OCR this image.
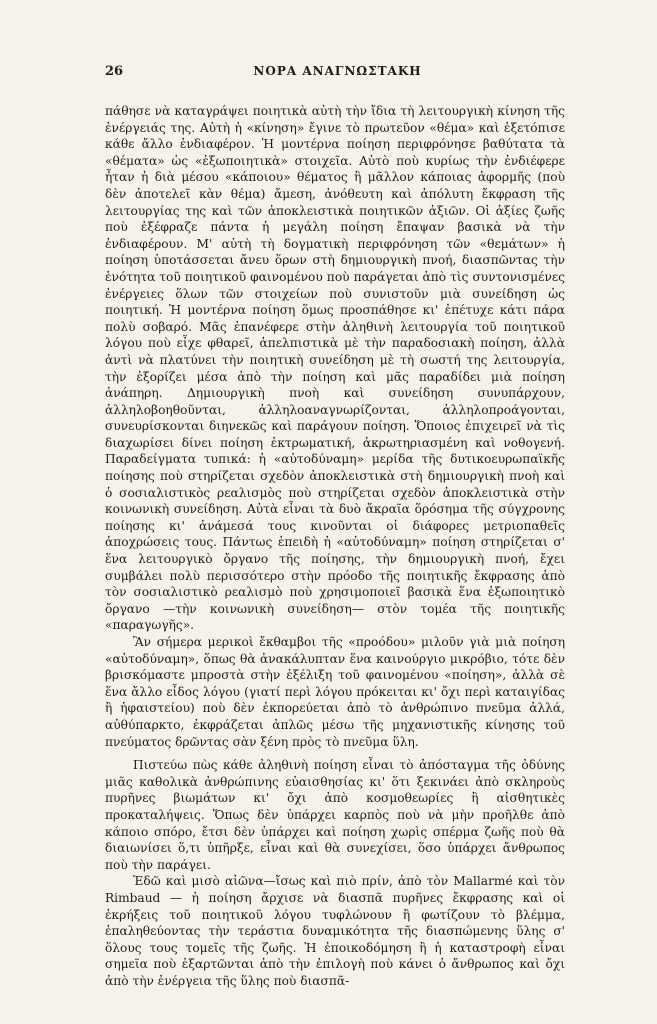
26	ΝΟΡΑ ΑΝΑΓΝΩΣΤΑΚΗ

πάθησε νὰ καταγράψει ποιητικὰ αὐτὴ τὴν ἴδια τὴ λειτουργικὴ κίνηση τῆς ἐνέργειάς της. Αὐτὴ ἡ «κίνηση» ἔγινε τὸ πρωτεῦον «θέμα» καὶ ἐξετόπισε κάθε ἄλλο ἐνδιαφέρον. Ἡ μοντέρνα ποίηση περιφρόνησε βαθύτατα τὰ «θέματα» ὡς «ἐξωποιητικὰ» στοιχεῖα. Αὐτὸ ποὺ κυρίως τὴν ἐνδιέφερε ἦταν ἡ διὰ μέσου «κάποιου» θέματος ἢ μᾶλλον κάποιας ἀφορμῆς (ποὺ δὲν ἀποτελεῖ κὰν θέμα) ἄμεση, ἀνόθευτη καὶ ἀπόλυτη ἔκφραση τῆς λειτουργίας της καὶ τῶν ἀποκλειστικὰ ποιητικῶν ἀξιῶν. Οἱ ἀξίες ζωῆς ποὺ ἐξέφραζε πάντα ἡ μεγάλη ποίηση ἔπαψαν βασικὰ νὰ τὴν ἐνδιαφέρουν. Μ' αὐτὴ τὴ δογματικὴ περιφρόνηση τῶν «θεμάτων» ἡ ποίηση ὑποτάσσεται ἄνευ ὅρων στὴ δημιουργικὴ πνοή, διασπῶντας τὴν ἑνότητα τοῦ ποιητικοῦ φαινομένου ποὺ παράγεται ἀπὸ τὶς συντονισμένες ἐνέργειες ὅλων τῶν στοιχείων ποὺ συνιστοῦν μιὰ συνείδηση ὡς ποιητική. Ἡ μοντέρνα ποίηση ὅμως προσπάθησε κι' ἐπέτυχε κάτι πάρα πολὺ σοβαρό. Μᾶς ἐπανέφερε στὴν ἀληθινὴ λειτουργία τοῦ ποιητικοῦ λόγου ποὺ εἶχε φθαρεῖ, ἀπελπιστικὰ μὲ τὴν παραδοσιακὴ ποίηση, ἀλλὰ ἀντὶ νὰ πλατύνει τὴν ποιητικὴ συνείδηση μὲ τὴ σωστή της λειτουργία, τὴν ἐξορίζει μέσα ἀπὸ τὴν ποίηση καὶ μᾶς παραδίδει μιὰ ποίηση ἀνάπηρη. Δημιουργικὴ πνοὴ καὶ συνείδηση συνυπάρχουν, ἀλληλοβοηθοῦνται, ἀλληλοαναγνωρίζονται, ἀλληλοπροάγονται, συνευρίσκονται διηνεκῶς καὶ παράγουν ποίηση. Ὅποιος ἐπιχειρεῖ νὰ τὶς διαχωρίσει δίνει ποίηση ἐκτρωματική, ἀκρωτηριασμένη καὶ νοθογενή. Παραδείγματα τυπικά: ἡ «αὐτοδύναμη» μερίδα τῆς δυτικοευρωπαϊκῆς ποίησης ποὺ στηρίζεται σχεδὸν ἀποκλειστικὰ στὴ δημιουργικὴ πνοὴ καὶ ὁ σοσιαλιστικὸς ρεαλισμὸς ποὺ στηρίζεται σχεδὸν ἀποκλειστικὰ στὴν κοινωνικὴ συνείδηση. Αὐτὰ εἶναι τὰ δυὸ ἄκραῖα ὅρόσημα τῆς σύγχρονης ποίησης κι' ἀνάμεσά τους κινοῦνται οἱ διάφορες μετριοπαθεῖς ἀποχρώσεις τους. Πάντως ἐπειδὴ ἡ «αὐτοδύναμη» ποίηση στηρίζεται σ' ἕνα λειτουργικὸ ὄργανο τῆς ποίησης, τὴν δημιουργικὴ πνοή, ἔχει συμβάλει πολὺ περισσότερο στὴν πρόοδο τῆς ποιητικῆς ἔκφρασης ἀπὸ τὸν σοσιαλιστικὸ ρεαλισμὸ ποὺ χρησιμοποιεῖ βασικὰ ἕνα ἐξωποιητικὸ ὄργανο —τὴν κοινωνικὴ συνείδηση— στὸν τομέα τῆς ποιητικῆς «παραγωγῆς».

Ἂν σήμερα μερικοὶ ἔκθαμβοι τῆς «προόδου» μιλοῦν γιὰ μιὰ ποίηση «αὐτοδύναμη», ὅπως θὰ ἀνακάλυπταν ἕνα καινούργιο μικρόβιο, τότε δὲν βρισκόμαστε μπροστὰ στὴν ἐξέλιξη τοῦ φαινομένου «ποίηση», ἀλλὰ σὲ ἕνα ἄλλο εἶδος λόγου (γιατί περὶ λόγου πρόκειται κι' ὄχι περὶ καταιγίδας ἢ ἡφαιστείου) ποὺ δὲν ἐκπορεύεται ἀπὸ τὸ ἀνθρώπινο πνεῦμα ἀλλά, αὐθύπαρκτο, ἐκφράζεται ἁπλῶς μέσω τῆς μηχανιστικῆς κίνησης τοῦ πνεύματος δρῶντας σὰν ξένη πρὸς τὸ πνεῦμα ὕλη.

Πιστεύω πὼς κάθε ἀληθινὴ ποίηση εἶναι τὸ ἀπόσταγμα τῆς ὀδύνης μιᾶς καθολικὰ ἀνθρώπινης εὐαισθησίας κι' ὅτι ξεκινάει ἀπὸ σκληροὺς πυρῆνες βιωμάτων κι' ὄχι ἀπὸ κοσμοθεωρίες ἢ αἰσθητικὲς προκαταλήψεις. Ὅπως δὲν ὑπάρχει καρπὸς ποὺ νὰ μὴν προῆλθε ἀπὸ κάποιο σπόρο, ἔτσι δὲν ὑπάρχει καὶ ποίηση χωρὶς σπέρμα ζωῆς ποὺ θὰ διαιωνίσει ὅ,τι ὑπῆρξε, εἶναι καὶ θὰ συνεχίσει, ὅσο ὑπάρχει ἄνθρωπος ποὺ τὴν παράγει.

Ἐδῶ καὶ μισὸ αἰῶνα—ἴσως καὶ πιὸ πρίν, ἀπὸ τὸν Mallarmé καὶ τὸν Rimbaud — ἡ ποίηση ἄρχισε νὰ διασπᾶ πυρῆνες ἔκφρασης καὶ οἱ ἐκρήξεις τοῦ ποιητικοῦ λόγου τυφλώνουν ἢ φωτίζουν τὸ βλέμμα, ἐπαληθεύοντας τὴν τεράστια δυναμικότητα τῆς διασπώμενης ὕλης σ' ὅλους τους τομεῖς τῆς ζωῆς. Ἡ ἐποικοδόμηση ἢ ἡ καταστροφὴ εἶναι σημεῖα ποὺ ἐξαρτῶνται ἀπὸ τὴν ἐπιλογὴ ποὺ κάνει ὁ ἄνθρωπος καὶ ὄχι ἀπὸ τὴν ἐνέργεια τῆς ὕλης ποὺ διασπᾶ-
